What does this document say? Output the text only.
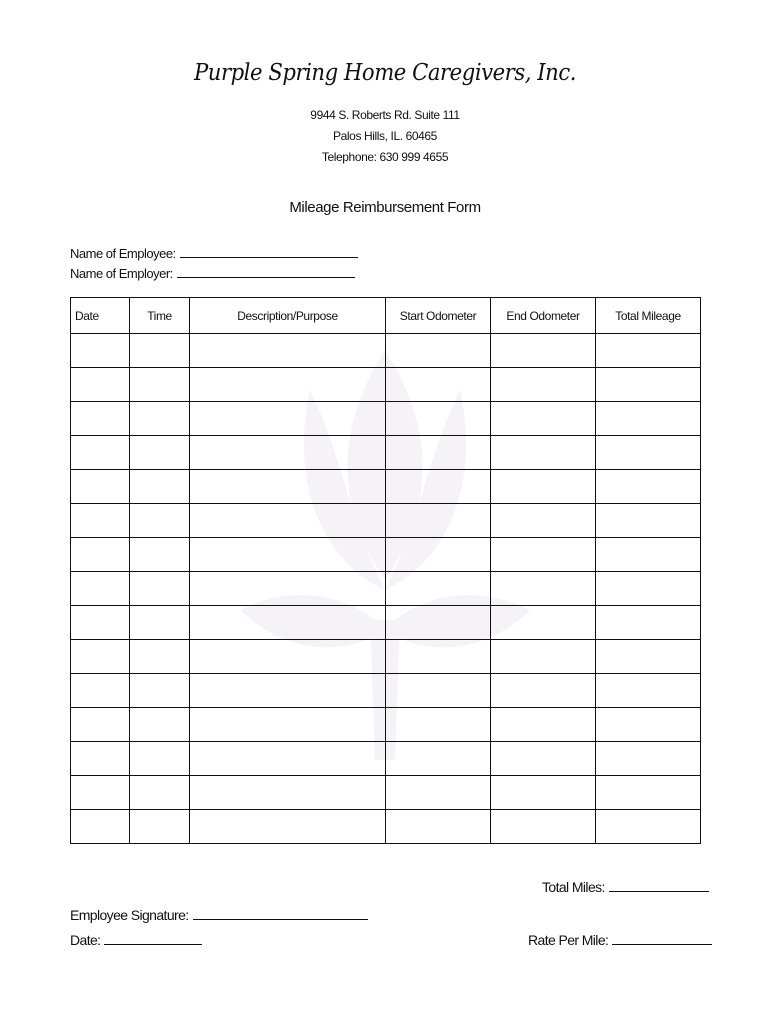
Purple Spring Home Caregivers, Inc.
9944 S. Roberts Rd. Suite 111
Palos Hills, IL. 60465
Telephone: 630 999 4655
Mileage Reimbursement Form
Name of Employee:
Name of Employer:
Date	Time	Description/Purpose	Start Odometer	End Odometer	Total Mileage

Total Miles:
Employee Signature:
Date:	Rate Per Mile:
